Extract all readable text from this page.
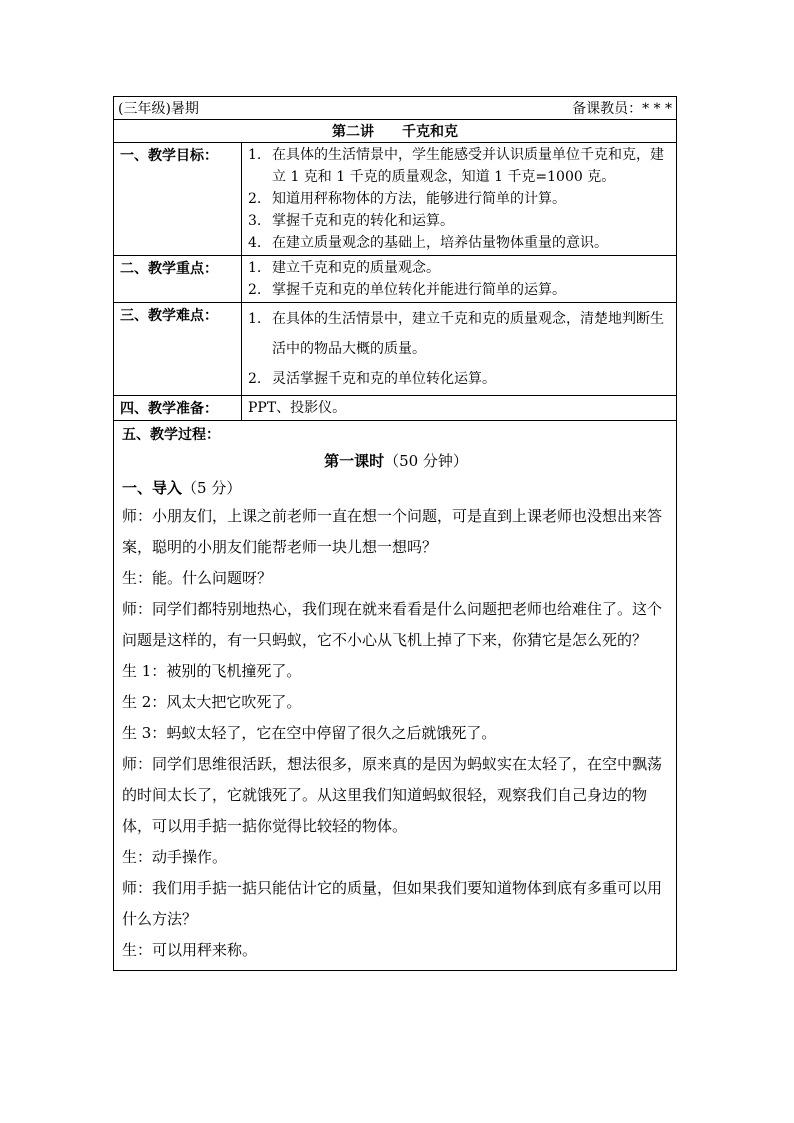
(三年级)暑期	备课教员：* * *
第二讲 千克和克
一、教学目标：	1. 在具体的生活情景中，学生能感受并认识质量单位千克和克，建立 1 克和 1 千克的质量观念，知道 1 千克=1000 克。
2. 知道用秤称物体的方法，能够进行简单的计算。
3. 掌握千克和克的转化和运算。
4. 在建立质量观念的基础上，培养估量物体重量的意识。
二、教学重点：	1. 建立千克和克的质量观念。
2. 掌握千克和克的单位转化并能进行简单的运算。
三、教学难点：	1. 在具体的生活情景中，建立千克和克的质量观念，清楚地判断生活中的物品大概的质量。
2. 灵活掌握千克和克的单位转化运算。
四、教学准备：	PPT、投影仪。
五、教学过程：
第一课时（50 分钟）
一、导入（5 分）
师：小朋友们，上课之前老师一直在想一个问题，可是直到上课老师也没想出来答案，聪明的小朋友们能帮老师一块儿想一想吗？
生：能。什么问题呀？
师：同学们都特别地热心，我们现在就来看看是什么问题把老师也给难住了。这个问题是这样的，有一只蚂蚁，它不小心从飞机上掉了下来，你猜它是怎么死的？
生 1：被别的飞机撞死了。
生 2：风太大把它吹死了。
生 3：蚂蚁太轻了，它在空中停留了很久之后就饿死了。
师：同学们思维很活跃，想法很多，原来真的是因为蚂蚁实在太轻了，在空中飘荡的时间太长了，它就饿死了。从这里我们知道蚂蚁很轻，观察我们自己身边的物体，可以用手掂一掂你觉得比较轻的物体。
生：动手操作。
师：我们用手掂一掂只能估计它的质量，但如果我们要知道物体到底有多重可以用什么方法？
生：可以用秤来称。
